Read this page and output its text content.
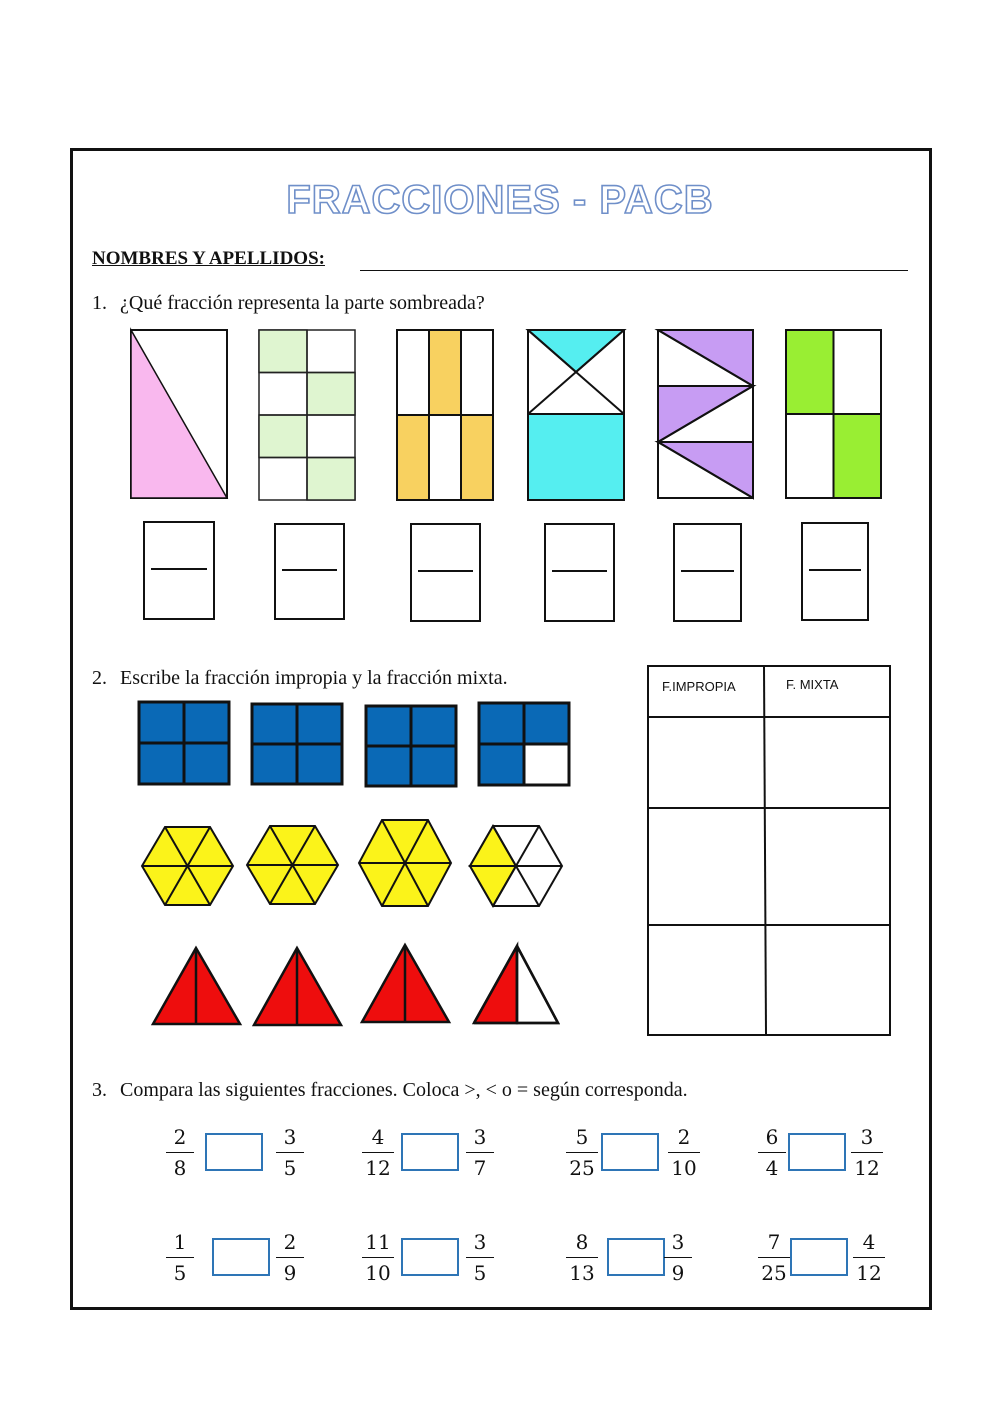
FRACCIONES - PACB
NOMBRES Y APELLIDOS:
1. ¿Qué fracción representa la parte sombreada?
2. Escribe la fracción impropia y la fracción mixta.
3. Compara las siguientes fracciones. Coloca >, < o = según corresponda.
F.IMPROPIA	F. MIXTA
2
8
3
5
4
12
3
7
5
25
2
10
6
4
3
12
1
5
2
9
11
10
3
5
8
13
3
9
7
25
4
12
